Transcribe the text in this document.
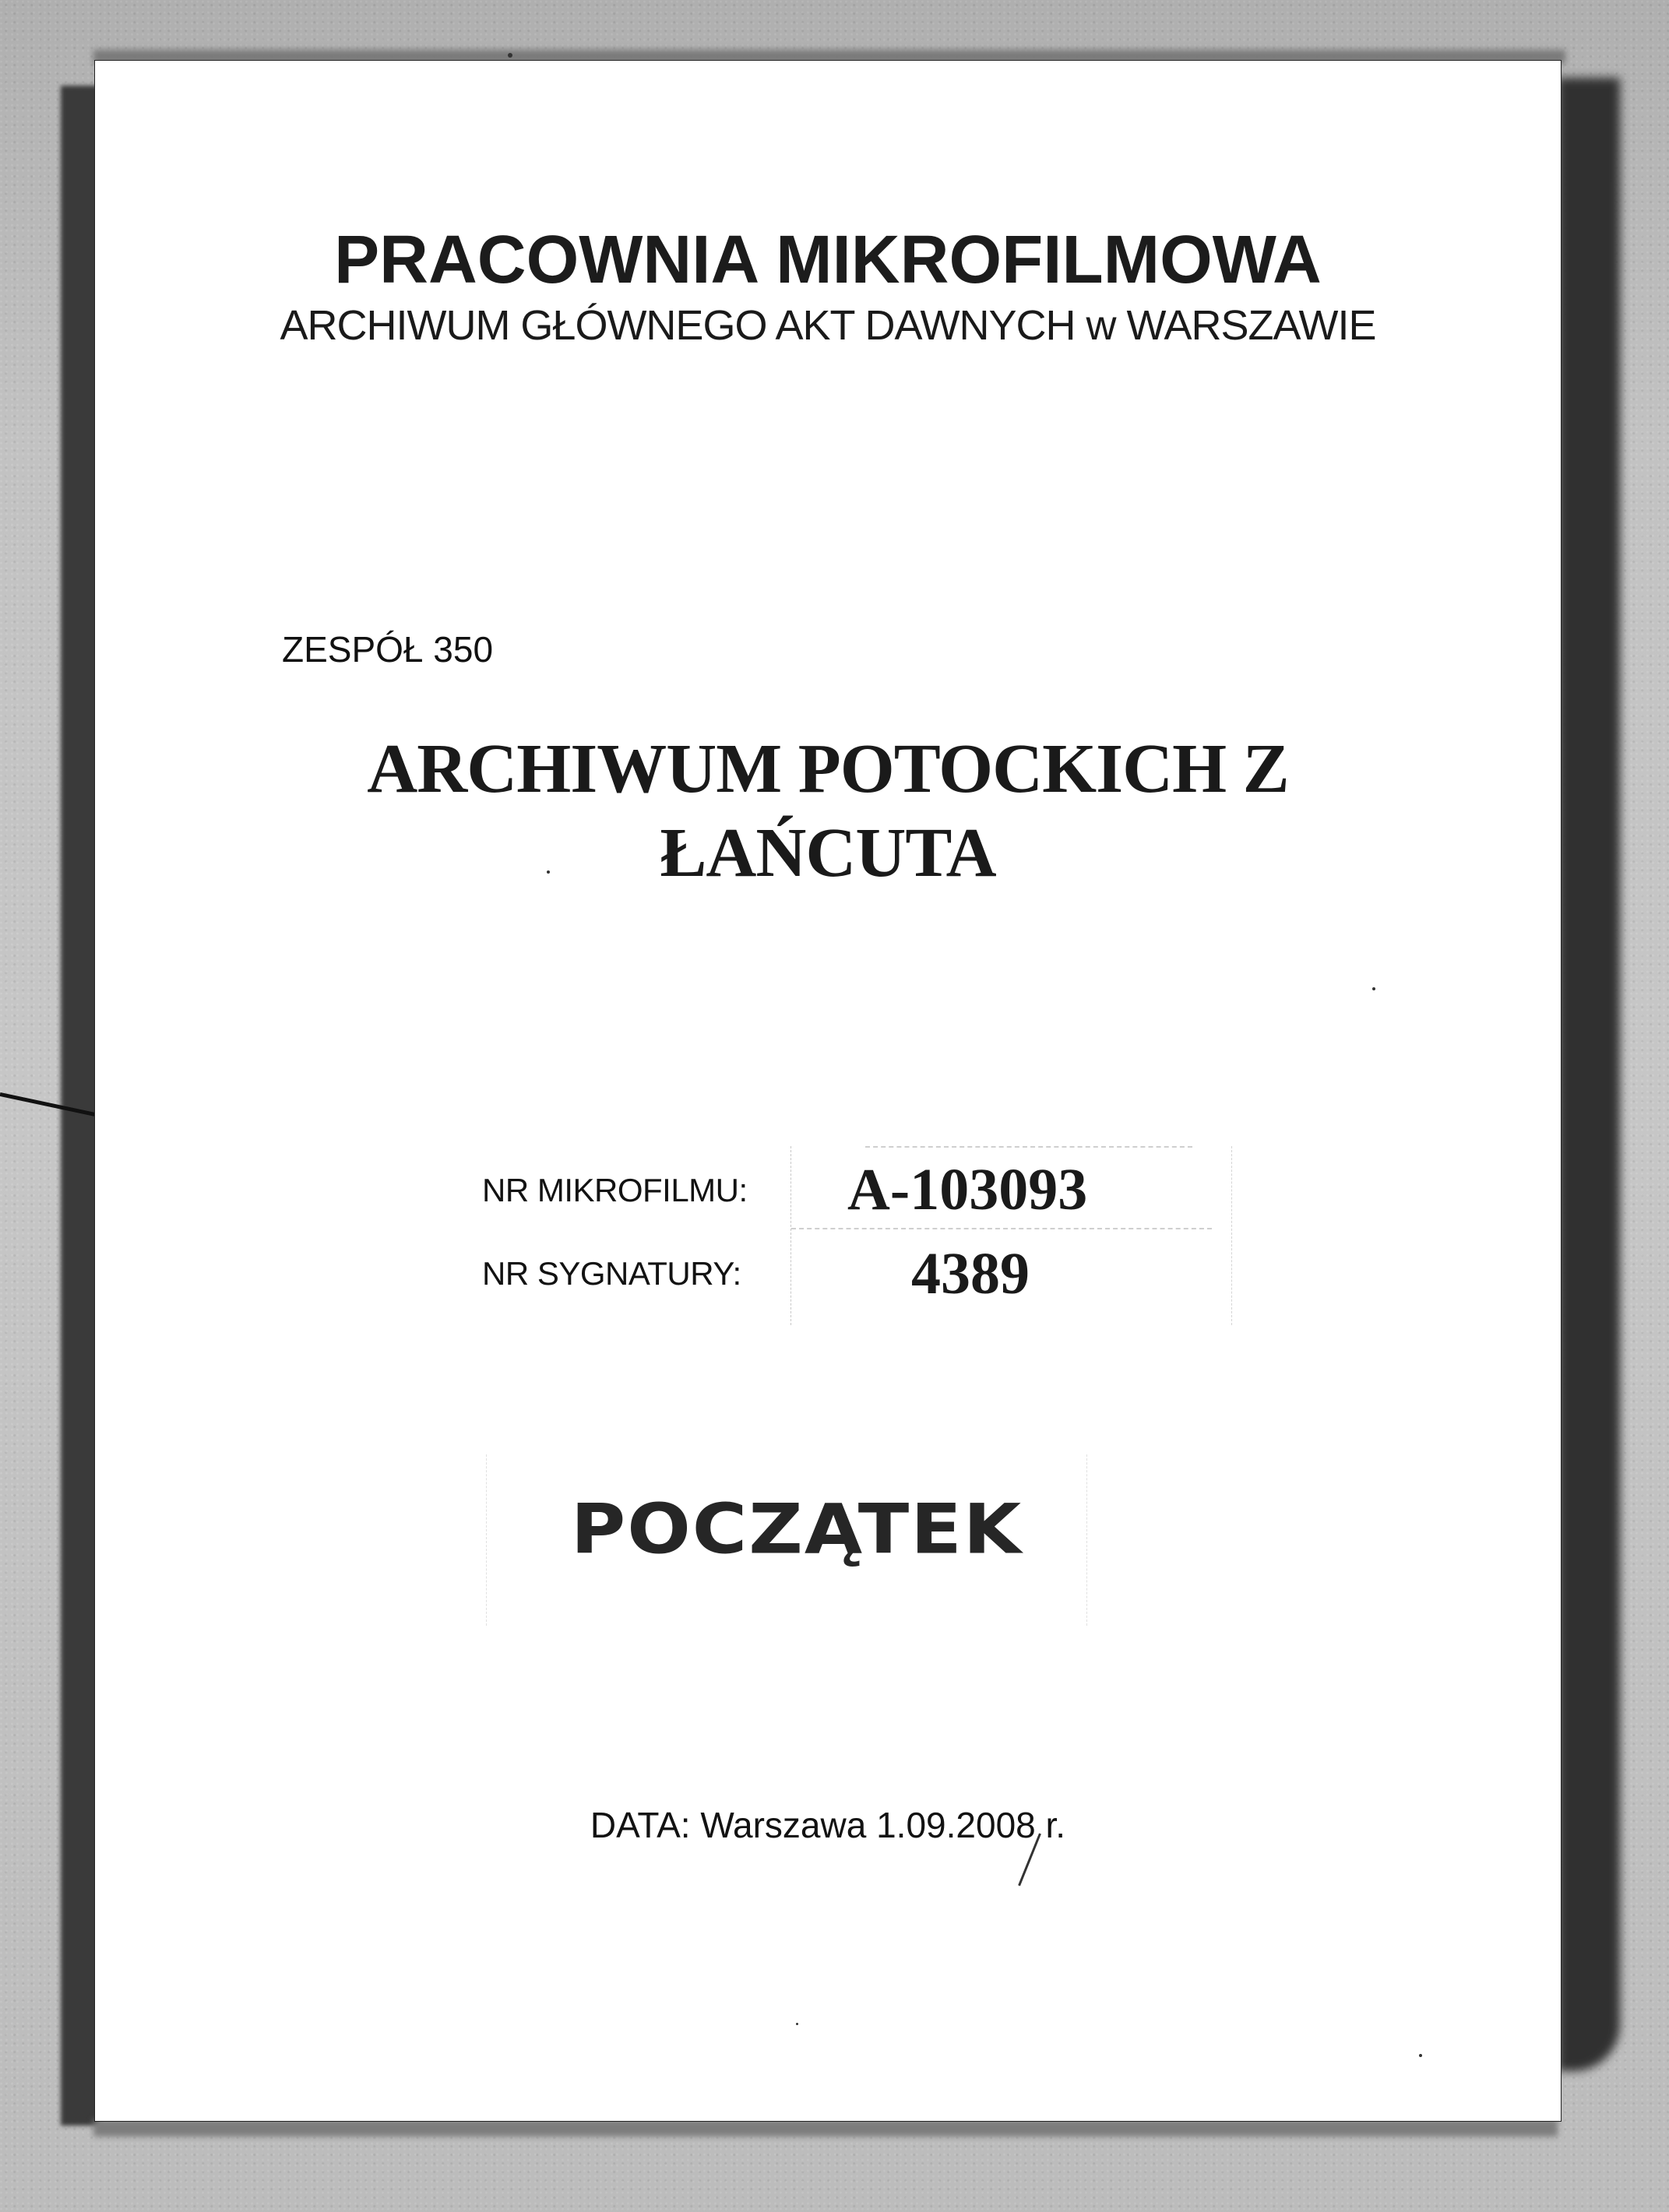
PRACOWNIA MIKROFILMOWA
ARCHIWUM GŁÓWNEGO AKT DAWNYCH w WARSZAWIE
ZESPÓŁ 350
ARCHIWUM POTOCKICH Z
ŁAŃCUTA
NR MIKROFILMU: A-103093
NR SYGNATURY:	4389
POCZĄTEK
DATA: Warszawa 1.09.2008 r.
